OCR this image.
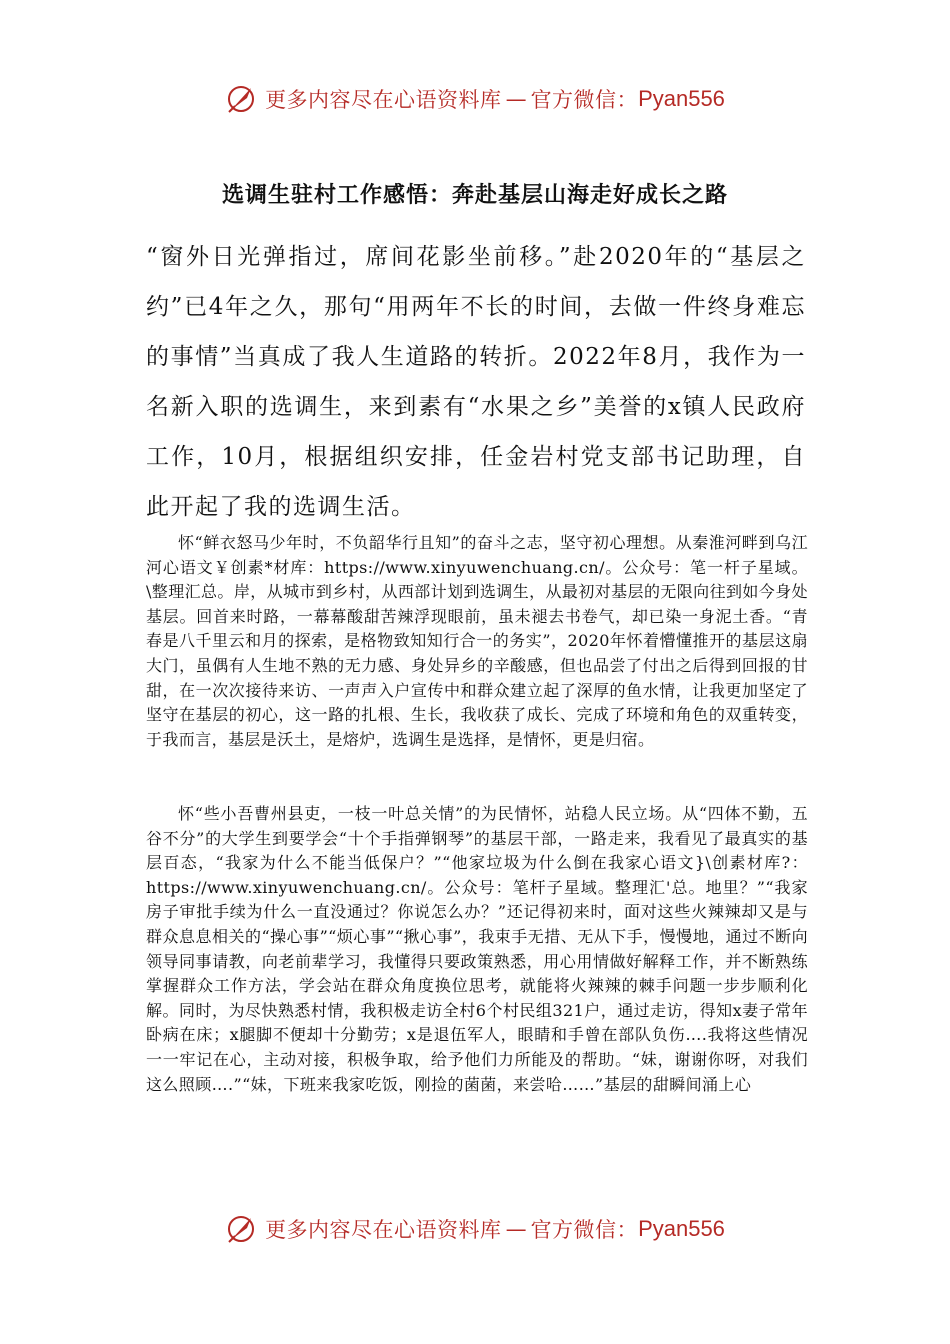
更多内容尽在心语资料库 — 官方微信： Pyan556
选调生驻村工作感悟：奔赴基层山海走好成长之路

“窗外日光弹指过，席间花影坐前移。”赴2020年的“基层之约”已4年之久，那句“用两年不长的时间，去做一件终身难忘的事情”当真成了我人生道路的转折。2022年8月，我作为一名新入职的选调生，来到素有“水果之乡”美誉的x镇人民政府工作，10月，根据组织安排，任金岩村党支部书记助理，自此开起了我的选调生活。

怀“鲜衣怒马少年时，不负韶华行且知”的奋斗之志，坚守初心理想。从秦淮河畔到乌江河心语文￥创素*材库：https://www.xinyuwenchuang.cn/。公众号：笔一杆子星域。\整理汇总。岸，从城市到乡村，从西部计划到选调生，从最初对基层的无限向往到如今身处基层。回首来时路，一幕幕酸甜苦辣浮现眼前，虽未褪去书卷气，却已染一身泥土香。“青春是八千里云和月的探索，是格物致知知行合一的务实”，2020年怀着懵懂推开的基层这扇大门，虽偶有人生地不熟的无力感、身处异乡的辛酸感，但也品尝了付出之后得到回报的甘甜，在一次次接待来访、一声声入户宣传中和群众建立起了深厚的鱼水情，让我更加坚定了坚守在基层的初心，这一路的扎根、生长，我收获了成长、完成了环境和角色的双重转变，于我而言，基层是沃土，是熔炉，选调生是选择，是情怀，更是归宿。

怀“些小吾曹州县吏，一枝一叶总关情”的为民情怀，站稳人民立场。从“四体不勤，五谷不分”的大学生到要学会“十个手指弹钢琴”的基层干部，一路走来，我看见了最真实的基层百态，“我家为什么不能当低保户？”“他家垃圾为什么倒在我家心语文}\创素材库?：https://www.xinyuwenchuang.cn/。公众号：笔杆子星域。整理汇'总。地里？”“我家房子审批手续为什么一直没通过？你说怎么办？”还记得初来时，面对这些火辣辣却又是与群众息息相关的“操心事”“烦心事”“揪心事”，我束手无措、无从下手，慢慢地，通过不断向领导同事请教，向老前辈学习，我懂得只要政策熟悉，用心用情做好解释工作，并不断熟练掌握群众工作方法，学会站在群众角度换位思考，就能将火辣辣的棘手问题一步步顺利化解。同时，为尽快熟悉村情，我积极走访全村6个村民组321户，通过走访，得知x妻子常年卧病在床；x腿脚不便却十分勤劳；x是退伍军人，眼睛和手曾在部队负伤….我将这些情况一一牢记在心，主动对接，积极争取，给予他们力所能及的帮助。“妹，谢谢你呀，对我们这么照顾….”“妹，下班来我家吃饭，刚捡的菌菌，来尝哈……”基层的甜瞬间涌上心

更多内容尽在心语资料库 — 官方微信： Pyan556
